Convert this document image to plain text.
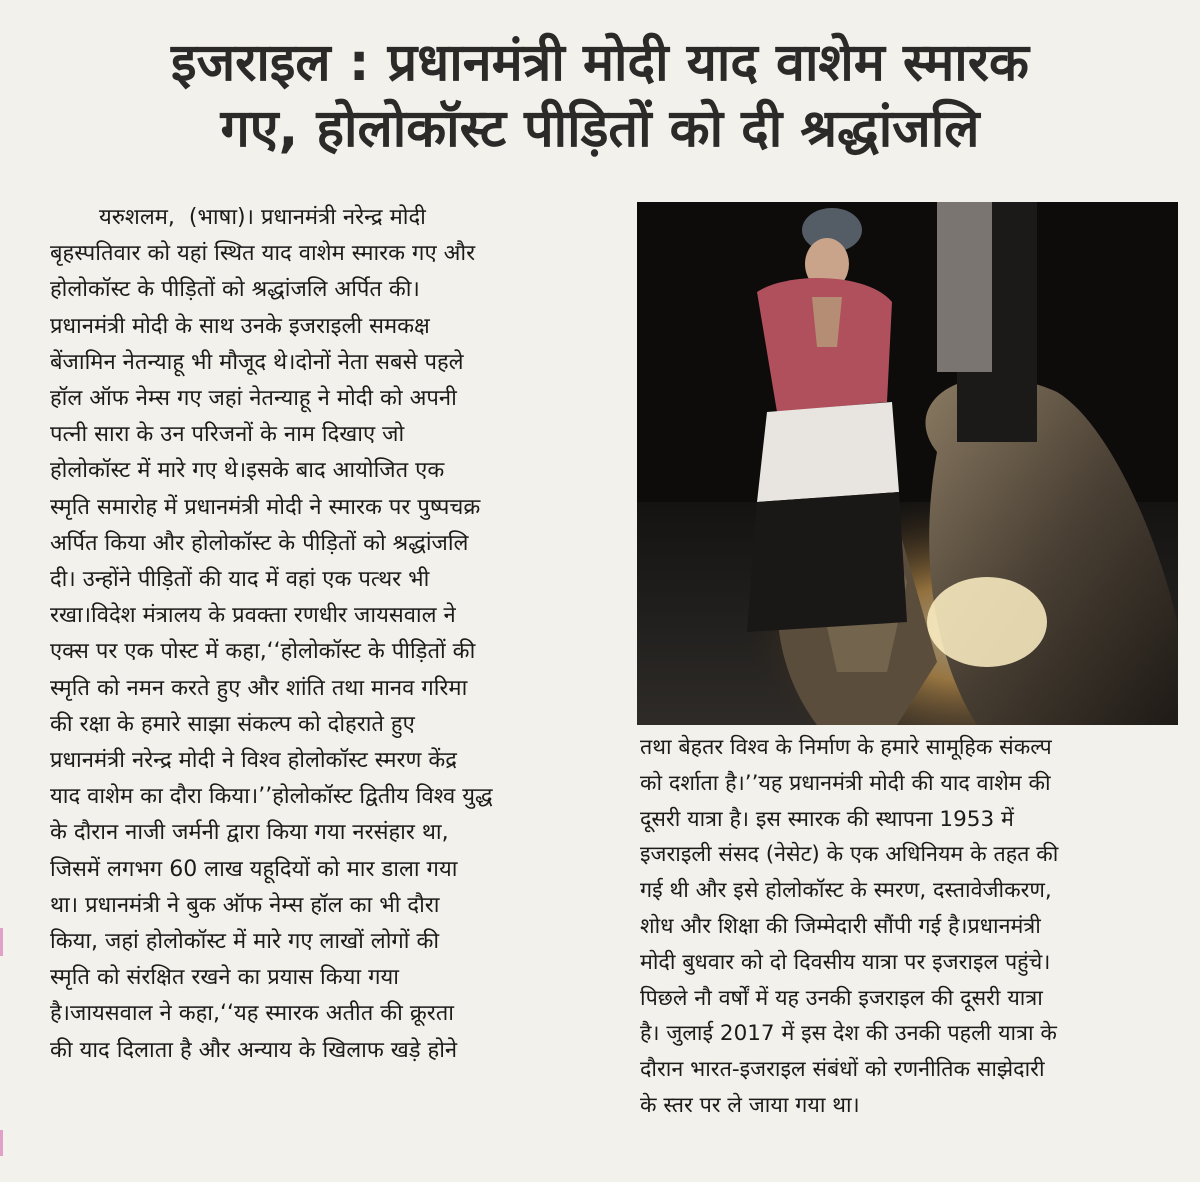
इजराइल : प्रधानमंत्री मोदी याद वाशेम स्मारक
गए, होलोकॉस्ट पीड़ितों को दी श्रद्धांजलि

यरुशलम,  (भाषा)। प्रधानमंत्री नरेन्द्र मोदी

बृहस्पतिवार को यहां स्थित याद वाशेम स्मारक गए और

होलोकॉस्ट के पीड़ितों को श्रद्धांजलि अर्पित की।

प्रधानमंत्री मोदी के साथ उनके इजराइली समकक्ष

बेंजामिन नेतन्याहू भी मौजूद थे।दोनों नेता सबसे पहले

हॉल ऑफ नेम्स गए जहां नेतन्याहू ने मोदी को अपनी

पत्नी सारा के उन परिजनों के नाम दिखाए जो

होलोकॉस्ट में मारे गए थे।इसके बाद आयोजित एक

स्मृति समारोह में प्रधानमंत्री मोदी ने स्मारक पर पुष्पचक्र

अर्पित किया और होलोकॉस्ट के पीड़ितों को श्रद्धांजलि

दी। उन्होंने पीड़ितों की याद में वहां एक पत्थर भी

रखा।विदेश मंत्रालय के प्रवक्ता रणधीर जायसवाल ने

एक्स पर एक पोस्ट में कहा,‘‘होलोकॉस्ट के पीड़ितों की

स्मृति को नमन करते हुए और शांति तथा मानव गरिमा

की रक्षा के हमारे साझा संकल्प को दोहराते हुए

प्रधानमंत्री नरेन्द्र मोदी ने विश्व होलोकॉस्ट स्मरण केंद्र

याद वाशेम का दौरा किया।’’होलोकॉस्ट द्वितीय विश्व युद्ध

के दौरान नाजी जर्मनी द्वारा किया गया नरसंहार था,

जिसमें लगभग 60 लाख यहूदियों को मार डाला गया

था। प्रधानमंत्री ने बुक ऑफ नेम्स हॉल का भी दौरा

किया, जहां होलोकॉस्ट में मारे गए लाखों लोगों की

स्मृति को संरक्षित रखने का प्रयास किया गया

है।जायसवाल ने कहा,‘‘यह स्मारक अतीत की क्रूरता

की याद दिलाता है और अन्याय के खिलाफ खड़े होने

तथा बेहतर विश्व के निर्माण के हमारे सामूहिक संकल्प

को दर्शाता है।’’यह प्रधानमंत्री मोदी की याद वाशेम की

दूसरी यात्रा है। इस स्मारक की स्थापना 1953 में

इजराइली संसद (नेसेट) के एक अधिनियम के तहत की

गई थी और इसे होलोकॉस्ट के स्मरण, दस्तावेजीकरण,

शोध और शिक्षा की जिम्मेदारी सौंपी गई है।प्रधानमंत्री

मोदी बुधवार को दो दिवसीय यात्रा पर इजराइल पहुंचे।

पिछले नौ वर्षों में यह उनकी इजराइल की दूसरी यात्रा

है। जुलाई 2017 में इस देश की उनकी पहली यात्रा के

दौरान भारत-इजराइल संबंधों को रणनीतिक साझेदारी

के स्तर पर ले जाया गया था।
